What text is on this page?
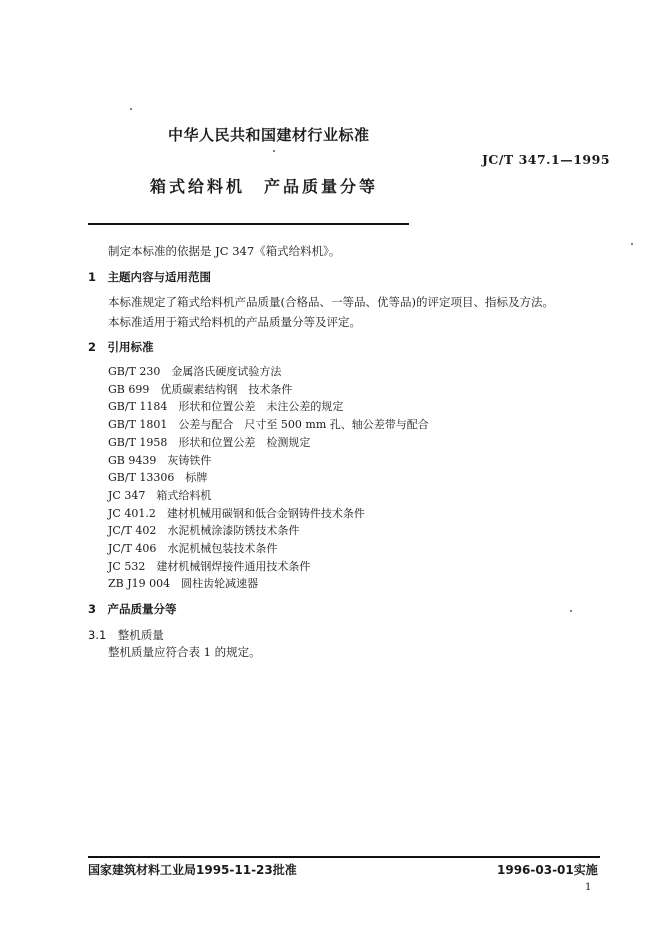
中华人民共和国建材行业标准
JC/T 347.1—1995
箱式给料机　产品质量分等
制定本标准的依据是 JC 347《箱式给料机》。
1　主题内容与适用范围
本标准规定了箱式给料机产品质量(合格品、一等品、优等品)的评定项目、指标及方法。
本标准适用于箱式给料机的产品质量分等及评定。
2　引用标准
GB/T 230　 金属洛氏硬度试验方法
GB 699　 优质碳素结构钢　技术条件
GB/T 1184　 形状和位置公差　未注公差的规定
GB/T 1801　 公差与配合　尺寸至 500 mm 孔、轴公差带与配合
GB/T 1958　 形状和位置公差　检测规定
GB 9439　 灰铸铁件
GB/T 13306　 标牌
JC 347　 箱式给料机
JC 401.2　 建材机械用碳钢和低合金钢铸件技术条件
JC/T 402　 水泥机械涂漆防锈技术条件
JC/T 406　 水泥机械包装技术条件
JC 532　 建材机械钢焊接件通用技术条件
ZB J19 004　 圆柱齿轮减速器
3　产品质量分等
3.1　整机质量
整机质量应符合表 1 的规定。
国家建筑材料工业局1995-11-23批准	1996-03-01实施
1
